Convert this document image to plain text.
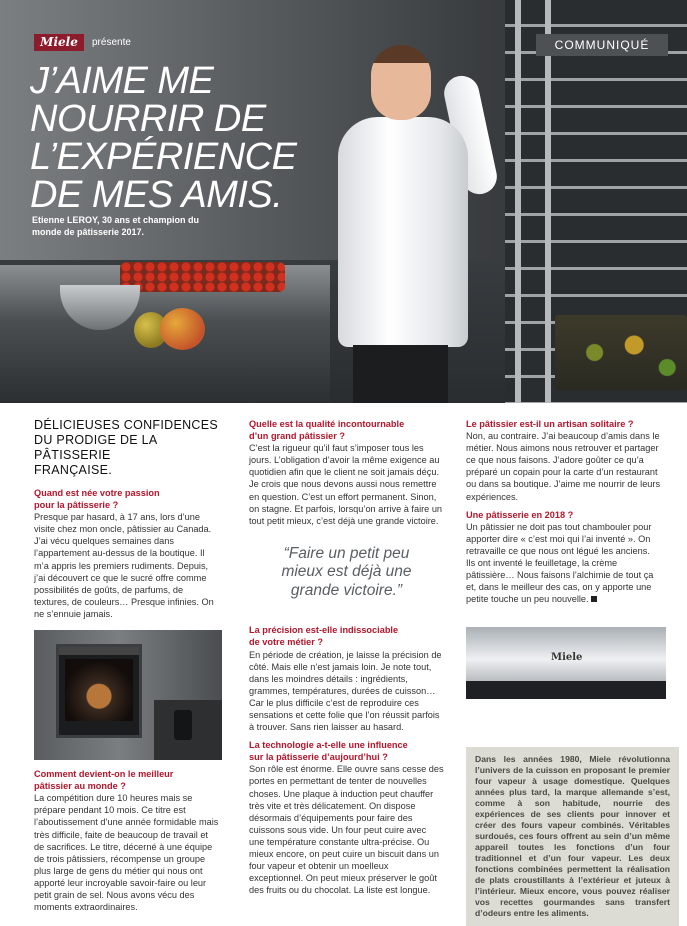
Miele	présente	COMMUNIQUÉ
J’AIME ME
NOURRIR DE
L’EXPÉRIENCE
DE MES AMIS.
Etienne LEROY, 30 ans et champion du monde de pâtisserie 2017.
DÉLICIEUSES CONFIDENCES
DU PRODIGE DE LA PÂTISSERIE
FRANÇAISE.
Quand est née votre passion
pour la pâtisserie ?

Presque par hasard, à 17 ans, lors d’une visite chez mon oncle, pâtissier au Canada. J’ai vécu quelques semaines dans l’appartement au-dessus de la boutique. Il m’a appris les premiers rudiments. Depuis, j’ai découvert ce que le sucré offre comme possibilités de goûts, de parfums, de textures, de couleurs… Presque infinies. On ne s’ennuie jamais.

Comment devient-on le meilleur
pâtissier au monde ?

La compétition dure 10 heures mais se prépare pendant 10 mois. Ce titre est l’aboutissement d’une année formidable mais très difficile, faite de beaucoup de travail et de sacrifices. Le titre, décerné à une équipe de trois pâtissiers, récompense un groupe plus large de gens du métier qui nous ont apporté leur incroyable savoir-faire ou leur petit grain de sel. Nous avons vécu des moments extraordinaires.

Quelle est la qualité incontournable
d’un grand pâtissier ?

C’est la rigueur qu’il faut s’imposer tous les jours. L’obligation d’avoir la même exigence au quotidien afin que le client ne soit jamais déçu. Je crois que nous devons aussi nous remettre en question. C’est un effort permanent. Sinon, on stagne. Et parfois, lorsqu’on arrive à faire un tout petit mieux, c’est déjà une grande victoire.

“Faire un petit peu
mieux est déjà une
grande victoire.”
La précision est-elle indissociable
de votre métier ?

En période de création, je laisse la précision de côté. Mais elle n’est jamais loin. Je note tout, dans les moindres détails : ingrédients, grammes, températures, durées de cuisson… Car le plus difficile c’est de reproduire ces sensations et cette folie que l’on réussit parfois à trouver. Sans rien laisser au hasard.

La technologie a-t-elle une influence
sur la pâtisserie d’aujourd’hui ?

Son rôle est énorme. Elle ouvre sans cesse des portes en permettant de tenter de nouvelles choses. Une plaque à induction peut chauffer très vite et très délicatement. On dispose désormais d’équipements pour faire des cuissons sous vide. Un four peut cuire avec une température constante ultra-précise. Ou mieux encore, on peut cuire un biscuit dans un four vapeur et obtenir un moelleux exceptionnel. On peut mieux préserver le goût des fruits ou du chocolat. La liste est longue.

Le pâtissier est-il un artisan solitaire ?

Non, au contraire. J’ai beaucoup d’amis dans le métier. Nous aimons nous retrouver et partager ce que nous faisons. J’adore goûter ce qu’a préparé un copain pour la carte d’un restaurant ou dans sa boutique. J’aime me nourrir de leurs expériences.

Une pâtisserie en 2018 ?

Un pâtissier ne doit pas tout chambouler pour apporter dire « c’est moi qui l’ai inventé ». On retravaille ce que nous ont légué les anciens. Ils ont inventé le feuilletage, la crème pâtissière… Nous faisons l’alchimie de tout ça et, dans le meilleur des cas, on y apporte une petite touche un peu nouvelle.

Miele
Dans les années 1980, Miele révolutionna l’univers de la cuisson en proposant le premier four vapeur à usage domestique. Quelques années plus tard, la marque allemande s’est, comme à son habitude, nourrie des expériences de ses clients pour innover et créer des fours vapeur combinés. Véritables surdoués, ces fours offrent au sein d’un même appareil toutes les fonctions d’un four traditionnel et d’un four vapeur. Les deux fonctions combinées permettent la réalisation de plats croustillants à l’extérieur et juteux à l’intérieur. Mieux encore, vous pouvez réaliser vos recettes gourmandes sans transfert d’odeurs entre les aliments.
